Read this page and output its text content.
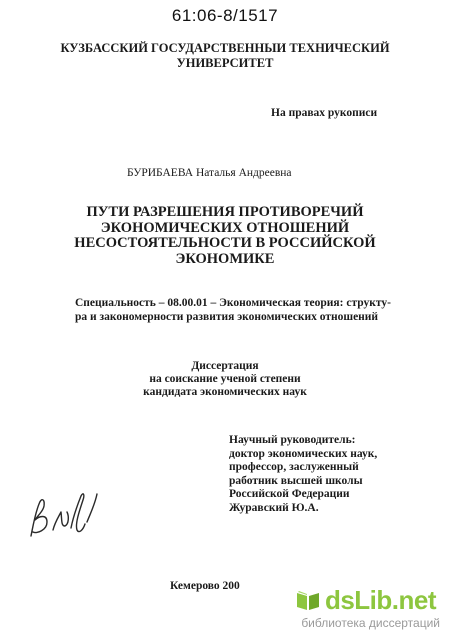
61:06-8/1517
КУЗБАССКИЙ ГОСУДАРСТВЕННЫИ ТЕХНИЧЕСКИЙ
УНИВЕРСИТЕТ
На правах рукописи
БУРИБАЕВА Наталья Андреевна
ПУТИ РАЗРЕШЕНИЯ ПРОТИВОРЕЧИЙ
ЭКОНОМИЧЕСКИХ ОТНОШЕНИЙ
НЕСОСТОЯТЕЛЬНОСТИ В РОССИЙСКОЙ
ЭКОНОМИКЕ
Специальность – 08.00.01 – Экономическая теория: структу-
ра и закономерности развития экономических отношений
Диссертация
на соискание ученой степени
кандидата экономических наук
Научный руководитель:
доктор экономических наук,
профессор, заслуженный
работник высшей школы
Российской Федерации
Журавский Ю.А.
Кемерово 200	dsLib.net
библиотека диссертаций
